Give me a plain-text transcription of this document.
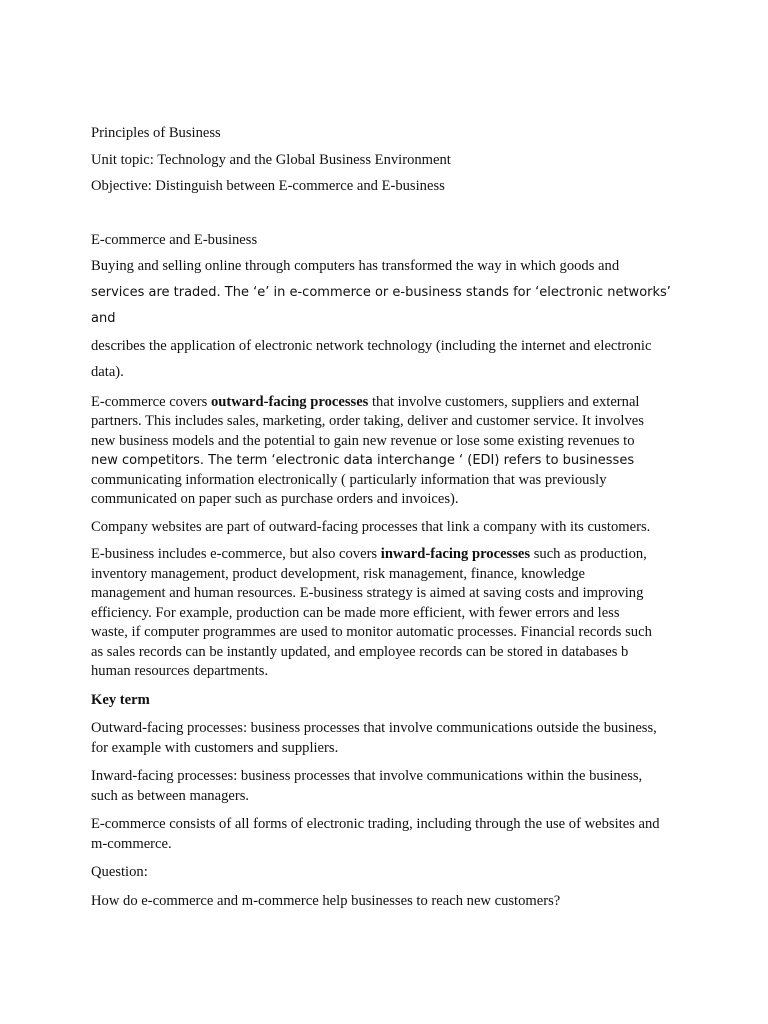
Principles of Business

Unit topic: Technology and the Global Business Environment

Objective: Distinguish between E-commerce and E-business

E-commerce and E-business

Buying and selling online through computers has transformed the way in which goods and

services are traded. The ‘e’ in e-commerce or e-business stands for ‘electronic networks’ and

describes the application of electronic network technology (including the internet and electronic

data).

E-commerce covers outward-facing processes that involve customers, suppliers and external

partners. This includes sales, marketing, order taking, deliver and customer service. It involves

new business models and the potential to gain new revenue or lose some existing revenues to

new competitors. The term ‘electronic data interchange ‘ (EDI) refers to businesses

communicating information electronically ( particularly information that was previously

communicated on paper such as purchase orders and invoices).

Company websites are part of outward-facing processes that link a company with its customers.

E-business includes e-commerce, but also covers inward-facing processes such as production,

inventory management, product development, risk management, finance, knowledge

management and human resources. E-business strategy is aimed at saving costs and improving

efficiency. For example, production can be made more efficient, with fewer errors and less

waste, if computer programmes are used to monitor automatic processes. Financial records such

as sales records can be instantly updated, and employee records can be stored in databases b

human resources departments.

Key term

Outward-facing processes: business processes that involve communications outside the business,

for example with customers and suppliers.

Inward-facing processes: business processes that involve communications within the business,

such as between managers.

E-commerce consists of all forms of electronic trading, including through the use of websites and

m-commerce.

Question:

How do e-commerce and m-commerce help businesses to reach new customers?
